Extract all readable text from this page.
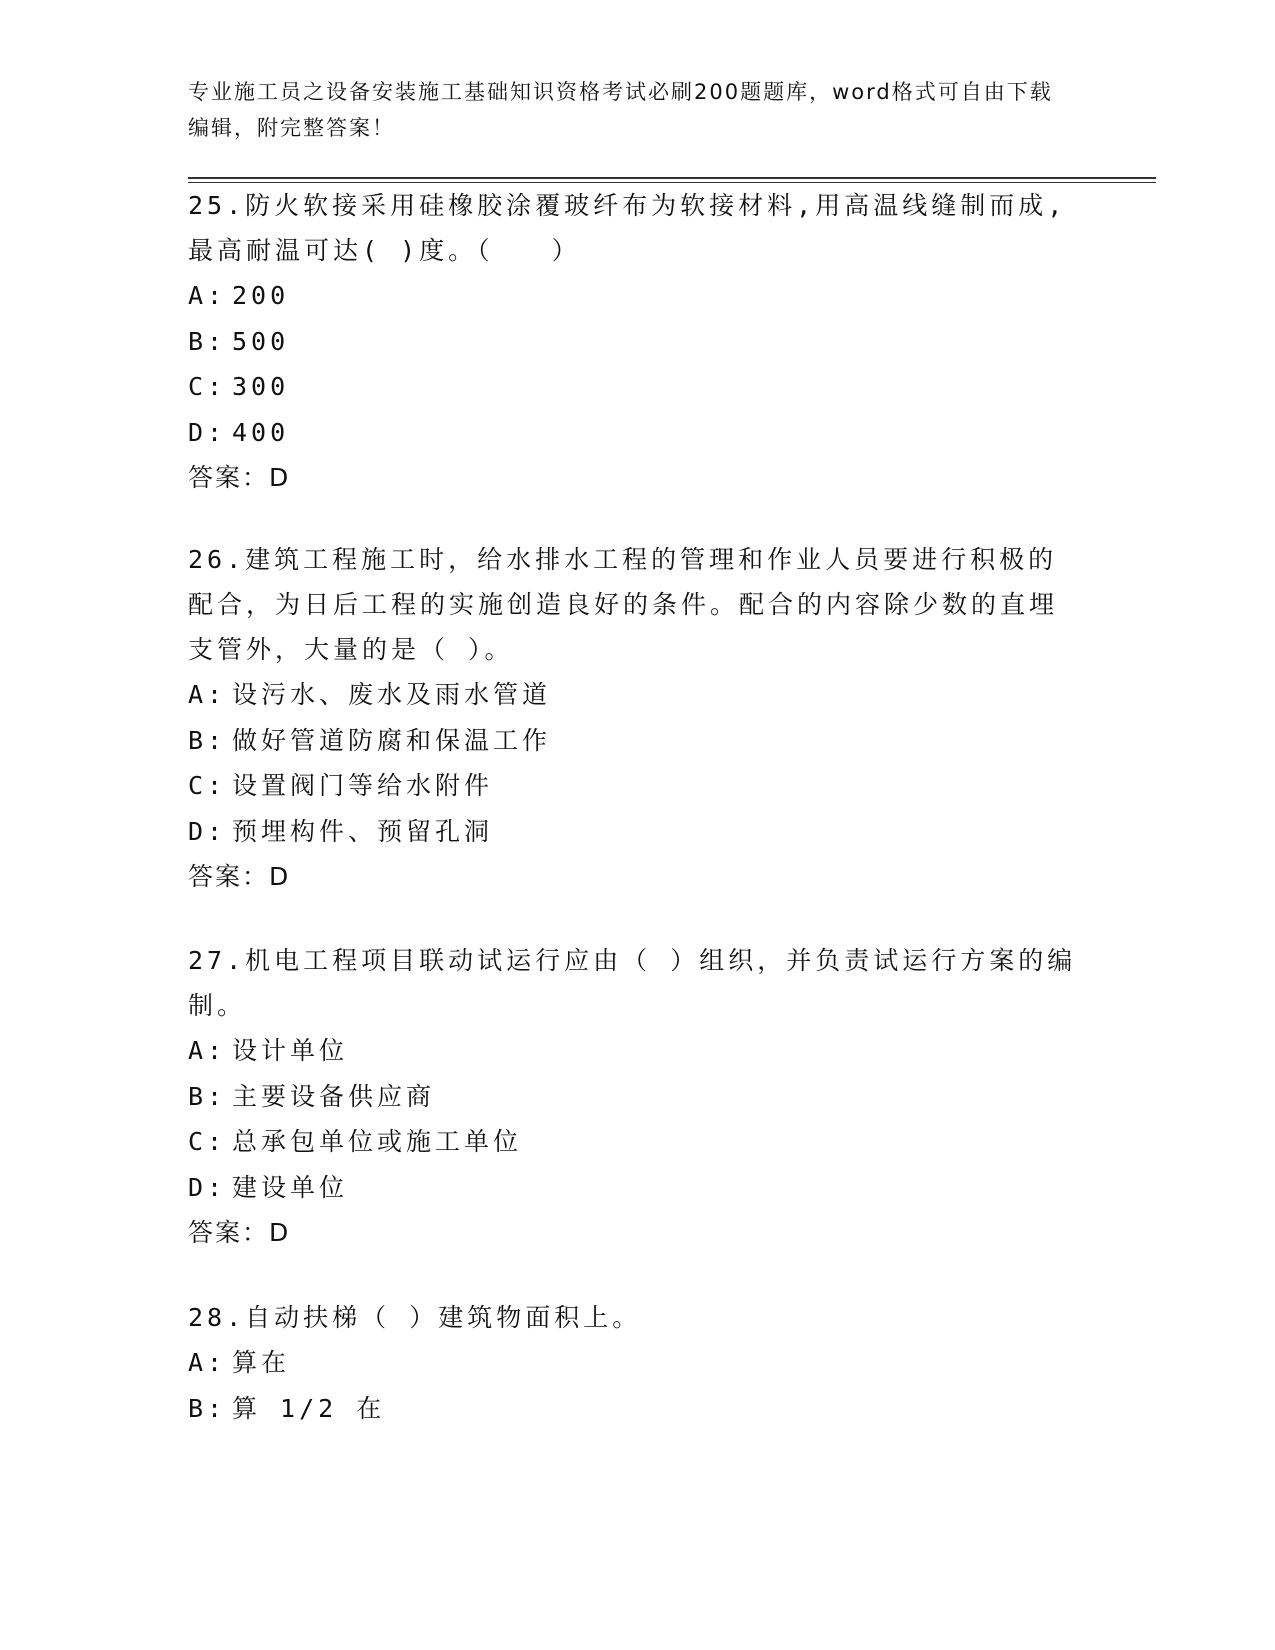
专业施工员之设备安装施工基础知识资格考试必刷200题题库，word格式可自由下载编辑，附完整答案！

25.防火软接采用硅橡胶涂覆玻纤布为软接材料,用高温线缝制而成,最高耐温可达( )度。（　　）

A: 200
B: 500
C: 300
D: 400

答案：D

26.建筑工程施工时，给水排水工程的管理和作业人员要进行积极的配合，为日后工程的实施创造良好的条件。配合的内容除少数的直埋支管外，大量的是（ ）。

A: 设污水、废水及雨水管道
B: 做好管道防腐和保温工作
C: 设置阀门等给水附件
D: 预埋构件、预留孔洞

答案：D

27.机电工程项目联动试运行应由（ ）组织，并负责试运行方案的编制。

A: 设计单位
B: 主要设备供应商
C: 总承包单位或施工单位
D: 建设单位

答案：D

28.自动扶梯（ ）建筑物面积上。

A: 算在
B: 算 1/2 在
